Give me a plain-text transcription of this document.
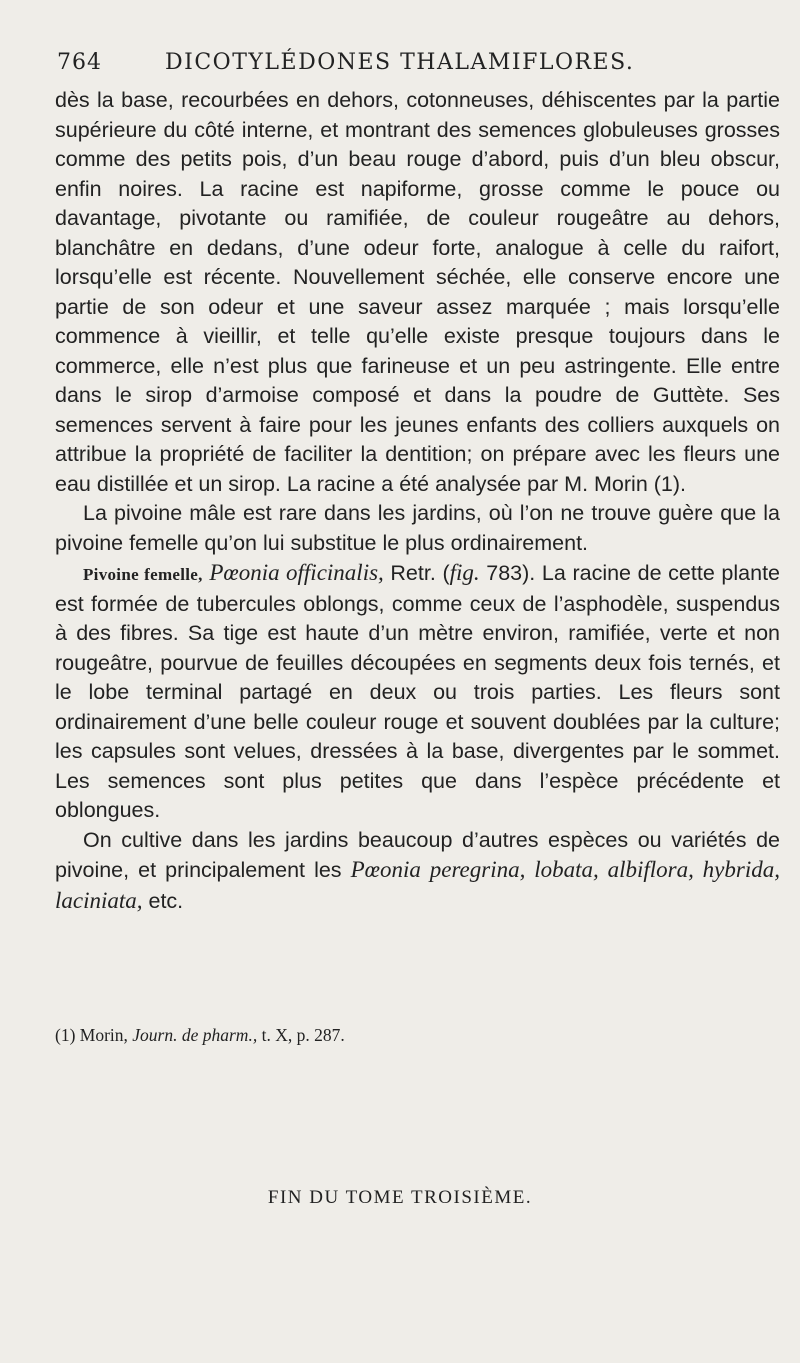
764	DICOTYLÉDONES THALAMIFLORES.

dès la base, recourbées en dehors, cotonneuses, déhiscentes par la partie supérieure du côté interne, et montrant des semences globuleuses grosses comme des petits pois, d’un beau rouge d’abord, puis d’un bleu obscur, enfin noires. La racine est napiforme, grosse comme le pouce ou davantage, pivotante ou ramifiée, de couleur rougeâtre au dehors, blanchâtre en dedans, d’une odeur forte, analogue à celle du raifort, lorsqu’elle est récente. Nouvellement séchée, elle conserve encore une partie de son odeur et une saveur assez marquée ; mais lorsqu’elle commence à vieillir, et telle qu’elle existe presque toujours dans le commerce, elle n’est plus que farineuse et un peu astringente. Elle entre dans le sirop d’armoise composé et dans la poudre de Guttète. Ses semences servent à faire pour les jeunes enfants des colliers auxquels on attribue la propriété de faciliter la dentition; on prépare avec les fleurs une eau distillée et un sirop. La racine a été analysée par M. Morin (1).

La pivoine mâle est rare dans les jardins, où l’on ne trouve guère que la pivoine femelle qu’on lui substitue le plus ordinairement.

Pivoine femelle, Pœonia officinalis, Retr. (fig. 783). La racine de cette plante est formée de tubercules oblongs, comme ceux de l’asphodèle, suspendus à des fibres. Sa tige est haute d’un mètre environ, ramifiée, verte et non rougeâtre, pourvue de feuilles découpées en segments deux fois ternés, et le lobe terminal partagé en deux ou trois parties. Les fleurs sont ordinairement d’une belle couleur rouge et souvent doublées par la culture; les capsules sont velues, dressées à la base, divergentes par le sommet. Les semences sont plus petites que dans l’espèce précédente et oblongues.

On cultive dans les jardins beaucoup d’autres espèces ou variétés de pivoine, et principalement les Pœonia peregrina, lobata, albiflora, hybrida, laciniata, etc.

(1) Morin, Journ. de pharm., t. X, p. 287.
FIN DU TOME TROISIÈME.
